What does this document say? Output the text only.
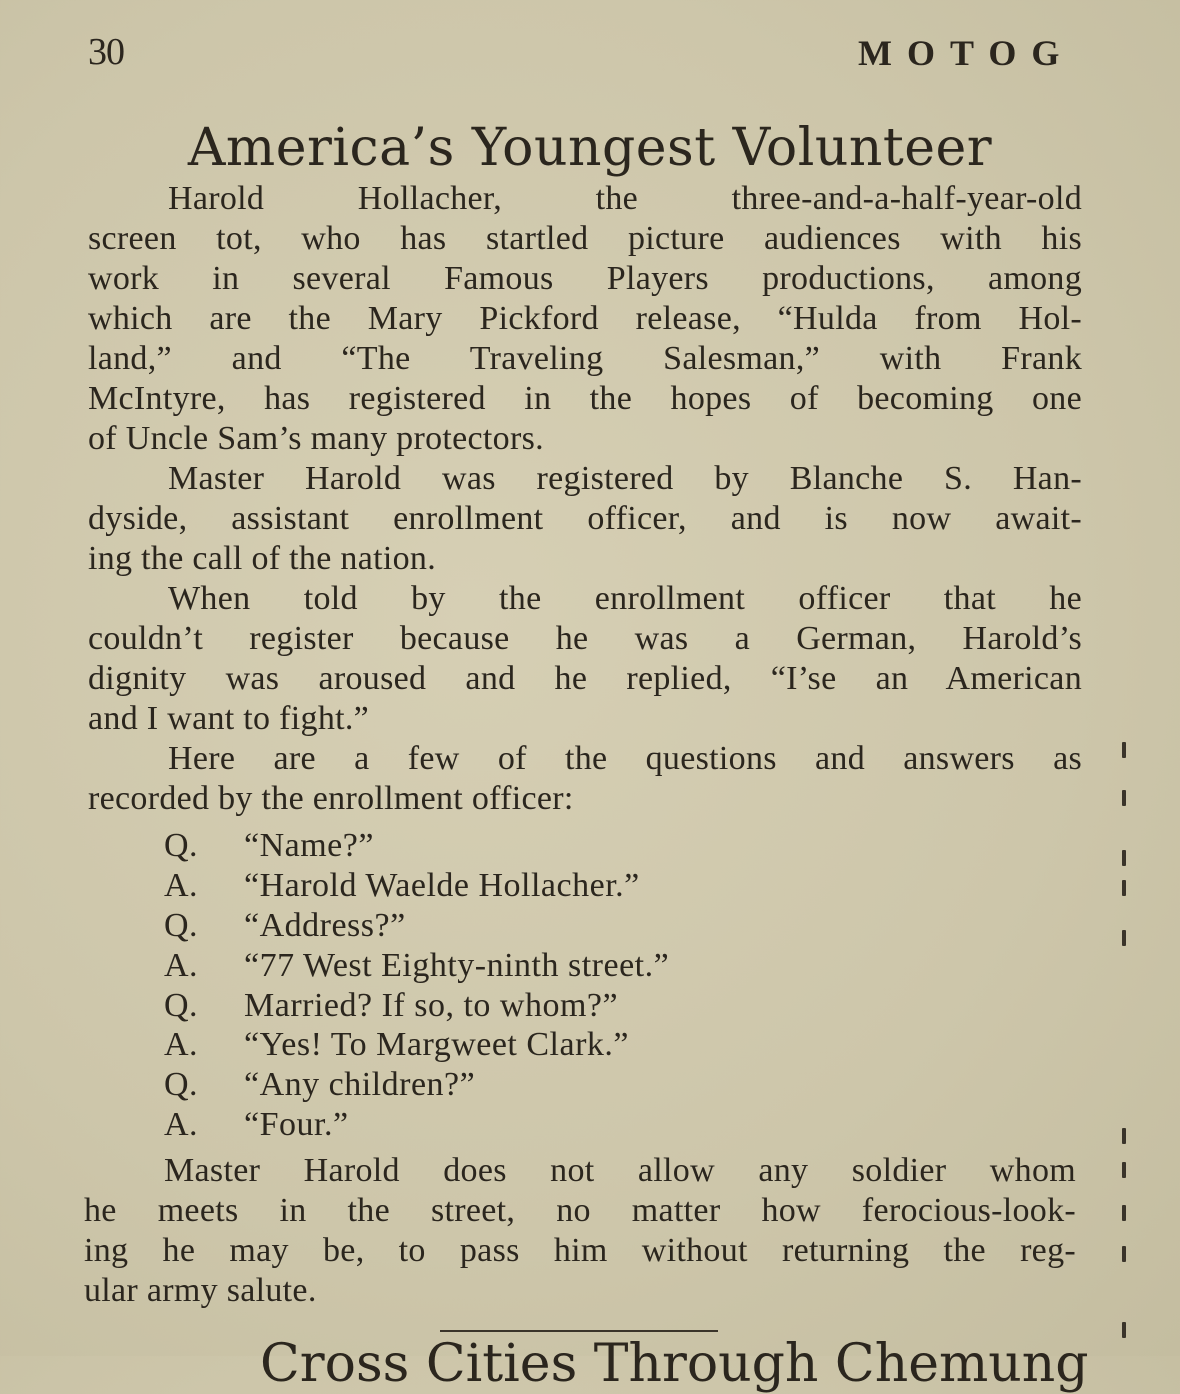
30	MOTOG
America’s Youngest Volunteer
Harold Hollacher, the three-and-a-half-year-old
screen tot, who has startled picture audiences with his
work in several Famous Players productions, among
which are the Mary Pickford release, “Hulda from Hol-
land,” and “The Traveling Salesman,” with Frank
McIntyre, has registered in the hopes of becoming one
of Uncle Sam’s many protectors.
Master Harold was registered by Blanche S. Han-
dyside, assistant enrollment officer, and is now await-
ing the call of the nation.
When told by the enrollment officer that he
couldn’t register because he was a German, Harold’s
dignity was aroused and he replied, “I’se an American
and I want to fight.”
Here are a few of the questions and answers as
recorded by the enrollment officer:
Q. “Name?”
A. “Harold Waelde Hollacher.”
Q. “Address?”
A. “77 West Eighty-ninth street.”
Q. Married? If so, to whom?”
A. “Yes! To Margweet Clark.”
Q. “Any children?”
A. “Four.”
Master Harold does not allow any soldier whom
he meets in the street, no matter how ferocious-look-
ing he may be, to pass him without returning the reg-
ular army salute.
Cross Cities Through Chemung
